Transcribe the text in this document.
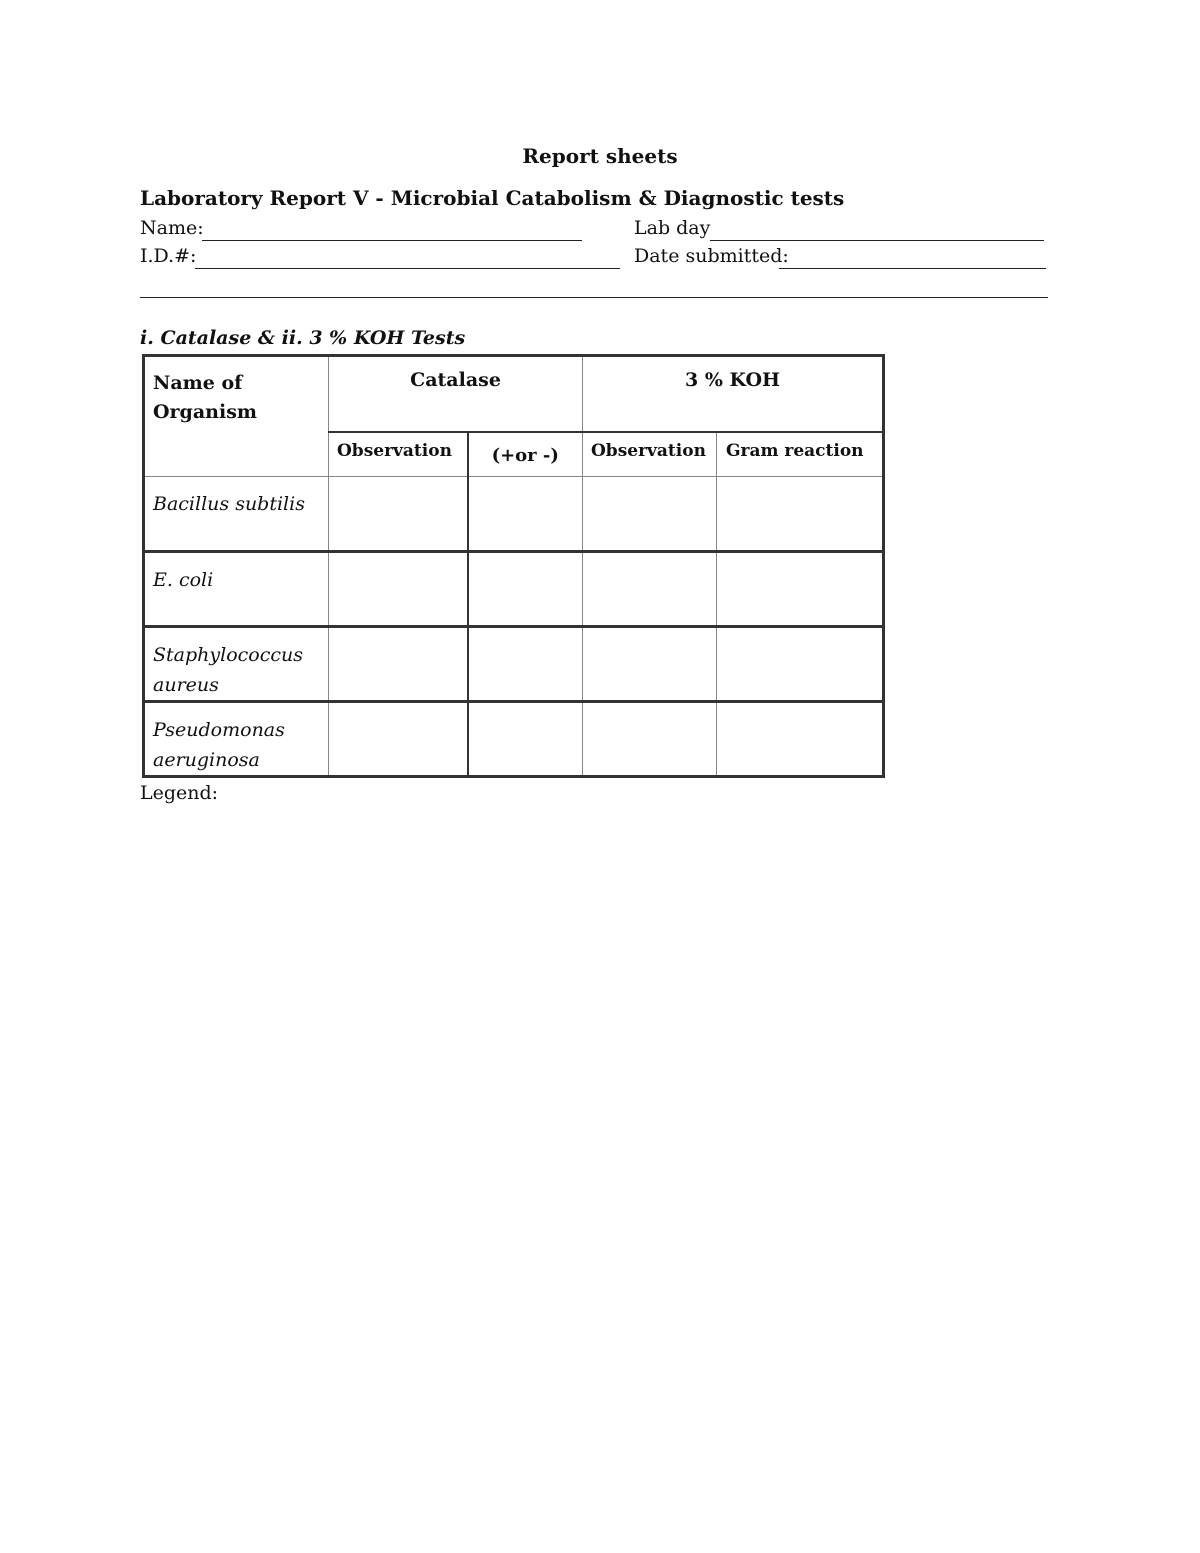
Report sheets
Laboratory Report V - Microbial Catabolism & Diagnostic tests
Name:	Lab day
I.D.#:	Date submitted:
i. Catalase & ii. 3 % KOH Tests
Name of Organism	Catalase		3 % KOH	
	Observation	(+or -)	Observation	Gram reaction
Bacillus subtilis				
E. coli				
Staphylococcus aureus				
Pseudomonas aeruginosa				
Legend:
